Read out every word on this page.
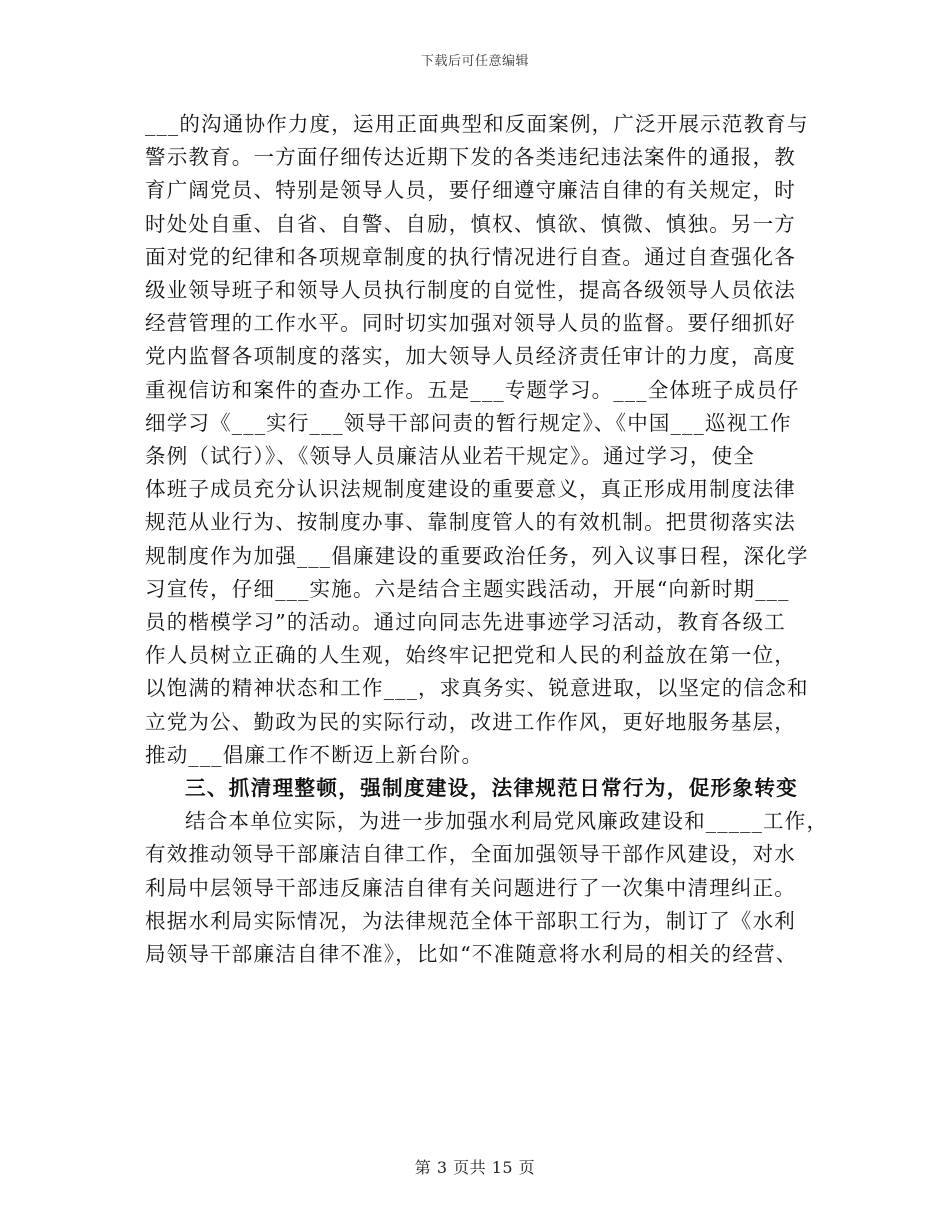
下载后可任意编辑
___的沟通协作力度，运用正面典型和反面案例，广泛开展示范教育与
警示教育。一方面仔细传达近期下发的各类违纪违法案件的通报，教
育广阔党员、特别是领导人员，要仔细遵守廉洁自律的有关规定，时
时处处自重、自省、自警、自励，慎权、慎欲、慎微、慎独。另一方
面对党的纪律和各项规章制度的执行情况进行自查。通过自查强化各
级业领导班子和领导人员执行制度的自觉性，提高各级领导人员依法
经营管理的工作水平。同时切实加强对领导人员的监督。要仔细抓好
党内监督各项制度的落实，加大领导人员经济责任审计的力度，高度
重视信访和案件的查办工作。五是___专题学习。___全体班子成员仔
细学习《___实行___领导干部问责的暂行规定》、《中国___巡视工作
条例（试行）》、《领导人员廉洁从业若干规定》。通过学习，使全
体班子成员充分认识法规制度建设的重要意义，真正形成用制度法律
规范从业行为、按制度办事、靠制度管人的有效机制。把贯彻落实法
规制度作为加强___倡廉建设的重要政治任务，列入议事日程，深化学
习宣传，仔细___实施。六是结合主题实践活动，开展“向新时期___
员的楷模学习”的活动。通过向同志先进事迹学习活动，教育各级工
作人员树立正确的人生观，始终牢记把党和人民的利益放在第一位，
以饱满的精神状态和工作___，求真务实、锐意进取，以坚定的信念和
立党为公、勤政为民的实际行动，改进工作作风，更好地服务基层，
推动___倡廉工作不断迈上新台阶。
三、抓清理整顿，强制度建设，法律规范日常行为，促形象转变
结合本单位实际，为进一步加强水利局党风廉政建设和_____工作，
有效推动领导干部廉洁自律工作，全面加强领导干部作风建设，对水
利局中层领导干部违反廉洁自律有关问题进行了一次集中清理纠正。
根据水利局实际情况，为法律规范全体干部职工行为，制订了《水利
局领导干部廉洁自律不准》，比如“不准随意将水利局的相关的经营、
第 3 页共 15 页
